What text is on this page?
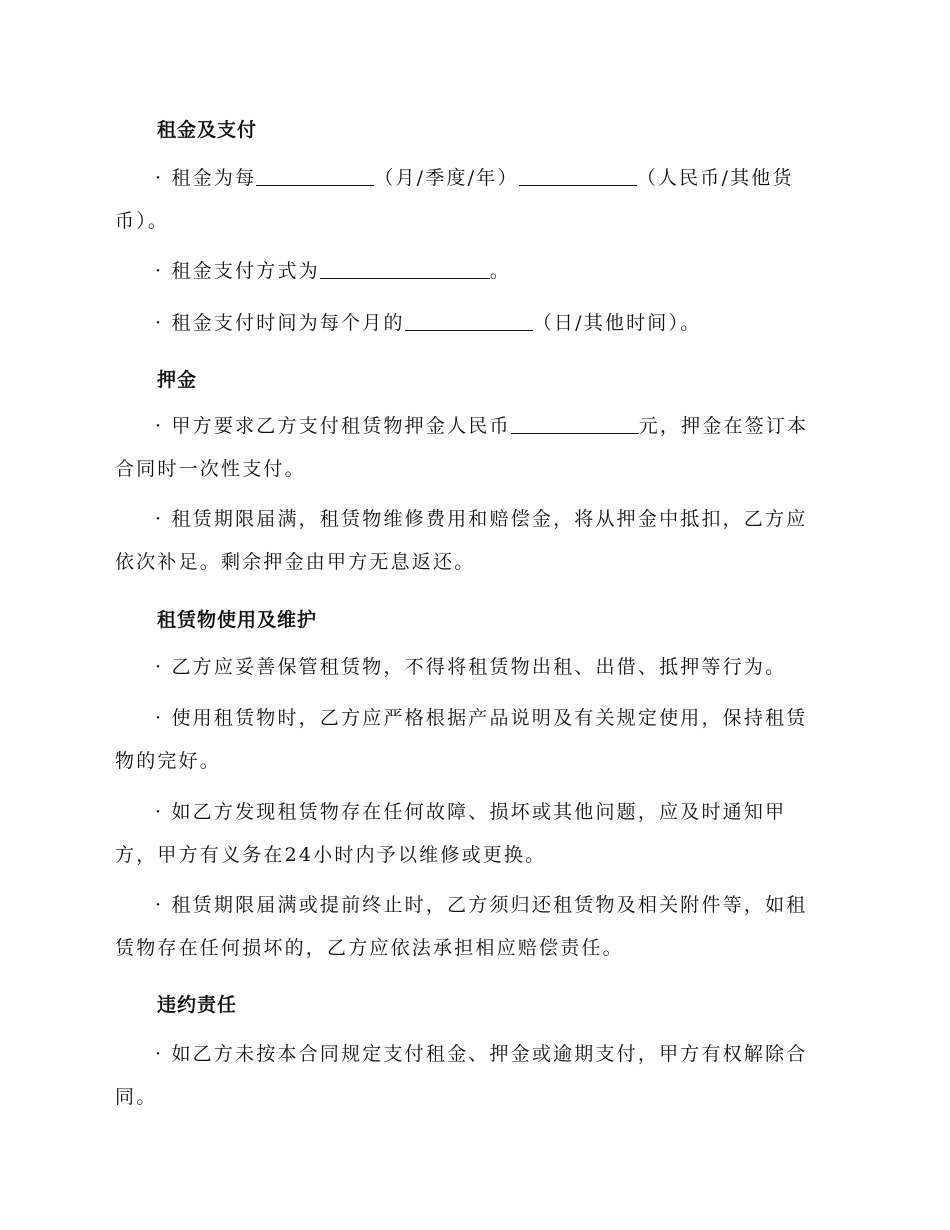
租金及支付
· 租金为每	（月/季度/年）	（人民币/其他货币）。
· 租金支付方式为	。
· 租金支付时间为每个月的	（日/其他时间）。
押金
· 甲方要求乙方支付租赁物押金人民币	元，押金在签订本合同时一次性支付。
· 租赁期限届满，租赁物维修费用和赔偿金，将从押金中抵扣，乙方应依次补足。剩余押金由甲方无息返还。
租赁物使用及维护
· 乙方应妥善保管租赁物，不得将租赁物出租、出借、抵押等行为。
· 使用租赁物时，乙方应严格根据产品说明及有关规定使用，保持租赁物的完好。
· 如乙方发现租赁物存在任何故障、损坏或其他问题，应及时通知甲方，甲方有义务在24小时内予以维修或更换。
· 租赁期限届满或提前终止时，乙方须归还租赁物及相关附件等，如租赁物存在任何损坏的，乙方应依法承担相应赔偿责任。
违约责任
· 如乙方未按本合同规定支付租金、押金或逾期支付，甲方有权解除合同。
